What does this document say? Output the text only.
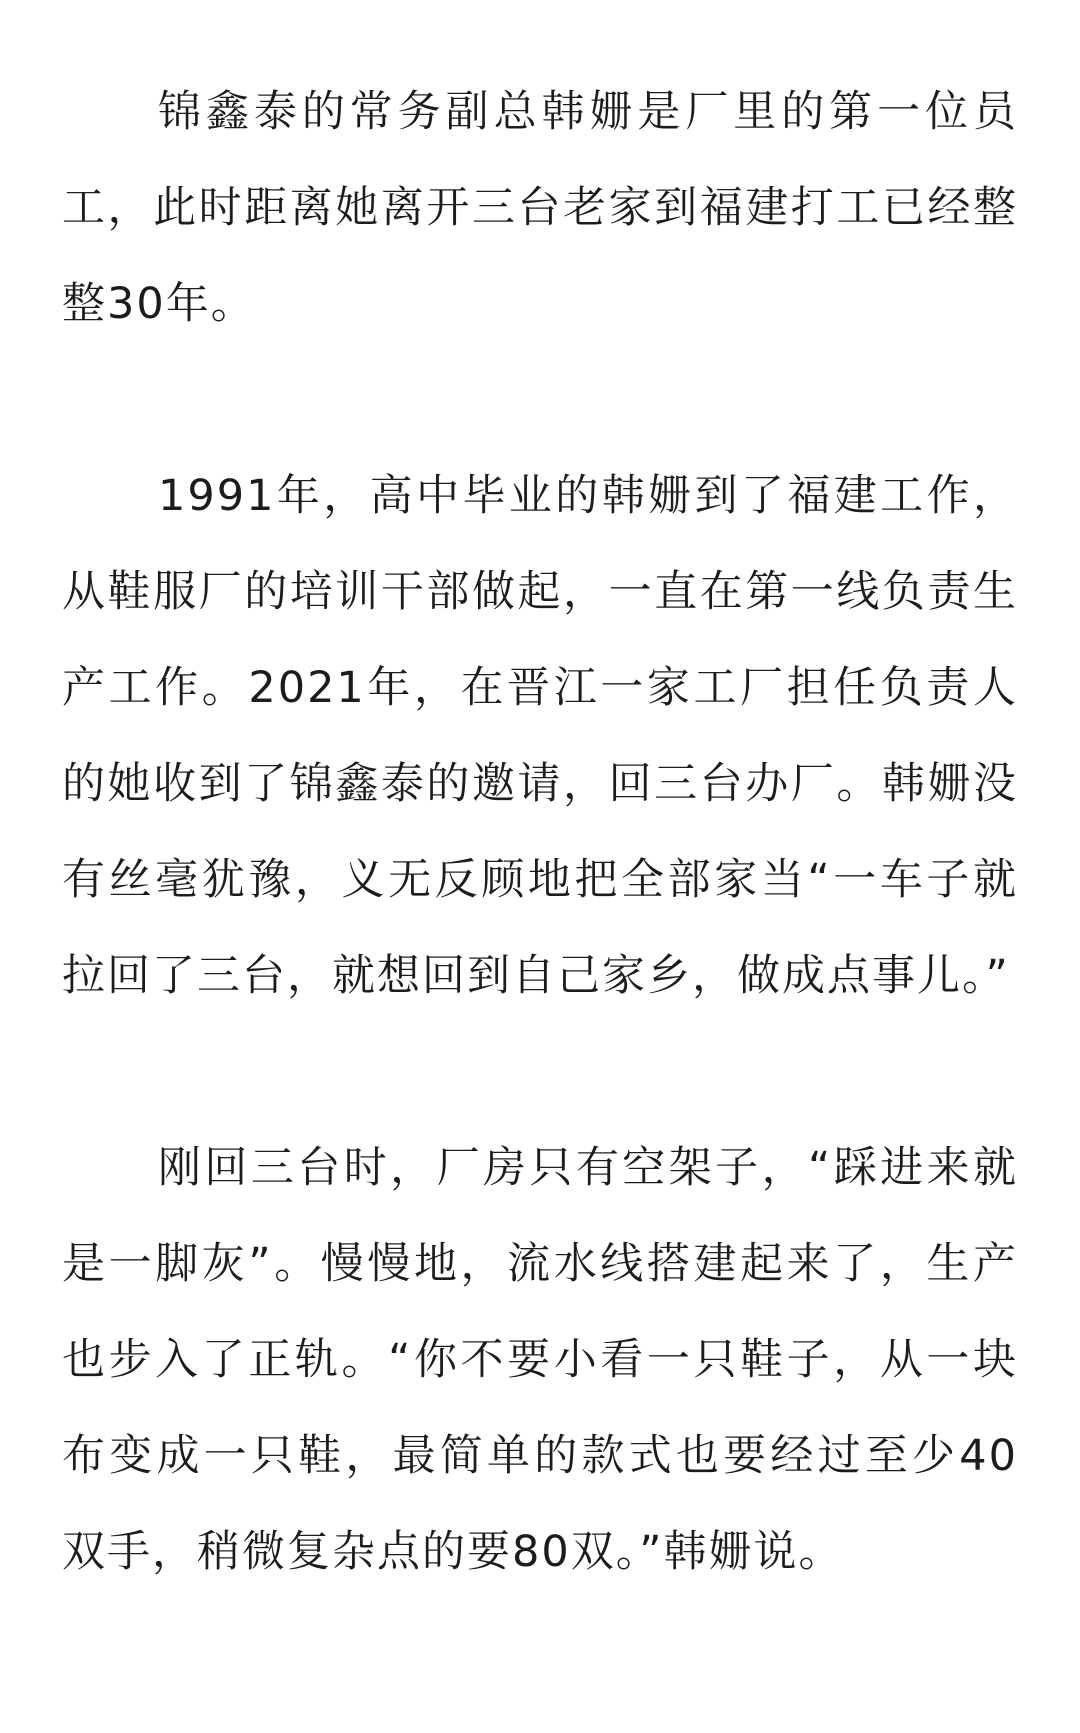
锦鑫泰的常务副总韩姗是厂里的第一位员工，此时距离她离开三台老家到福建打工已经整整30年。

1991年，高中毕业的韩姗到了福建工作，从鞋服厂的培训干部做起，一直在第一线负责生产工作。2021年，在晋江一家工厂担任负责人的她收到了锦鑫泰的邀请，回三台办厂。韩姗没有丝毫犹豫，义无反顾地把全部家当“一车子就拉回了三台，就想回到自己家乡，做成点事儿。”

刚回三台时，厂房只有空架子，“踩进来就是一脚灰”。慢慢地，流水线搭建起来了，生产也步入了正轨。“你不要小看一只鞋子，从一块布变成一只鞋，最简单的款式也要经过至少40双手，稍微复杂点的要80双。”韩姗说。
